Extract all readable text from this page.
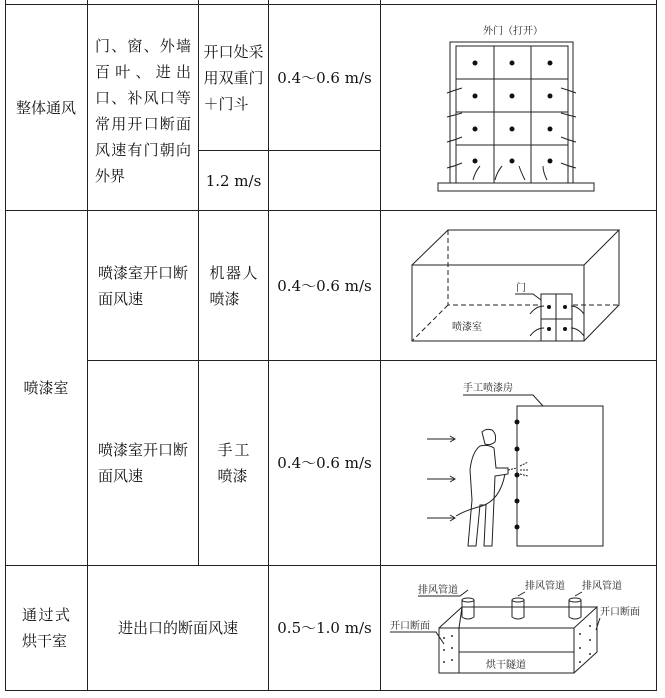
整体通风
门、窗、外墙百叶、进出口、补风口等常用开口断面风速有门朝向外界
开口处采用双重门＋门斗
0.4～0.6 m/s
1.2 m/s
喷漆室
喷漆室开口断面风速
机器人喷漆
0.4～0.6 m/s
喷漆室开口断面风速
手工喷漆
0.4～0.6 m/s
通过式烘干室
进出口的断面风速	0.5～1.0 m/s
外门（打开）
门
喷漆室
手工喷漆房
排风管道	排风管道 排风管道
开口断面
开口断面
烘干隧道
